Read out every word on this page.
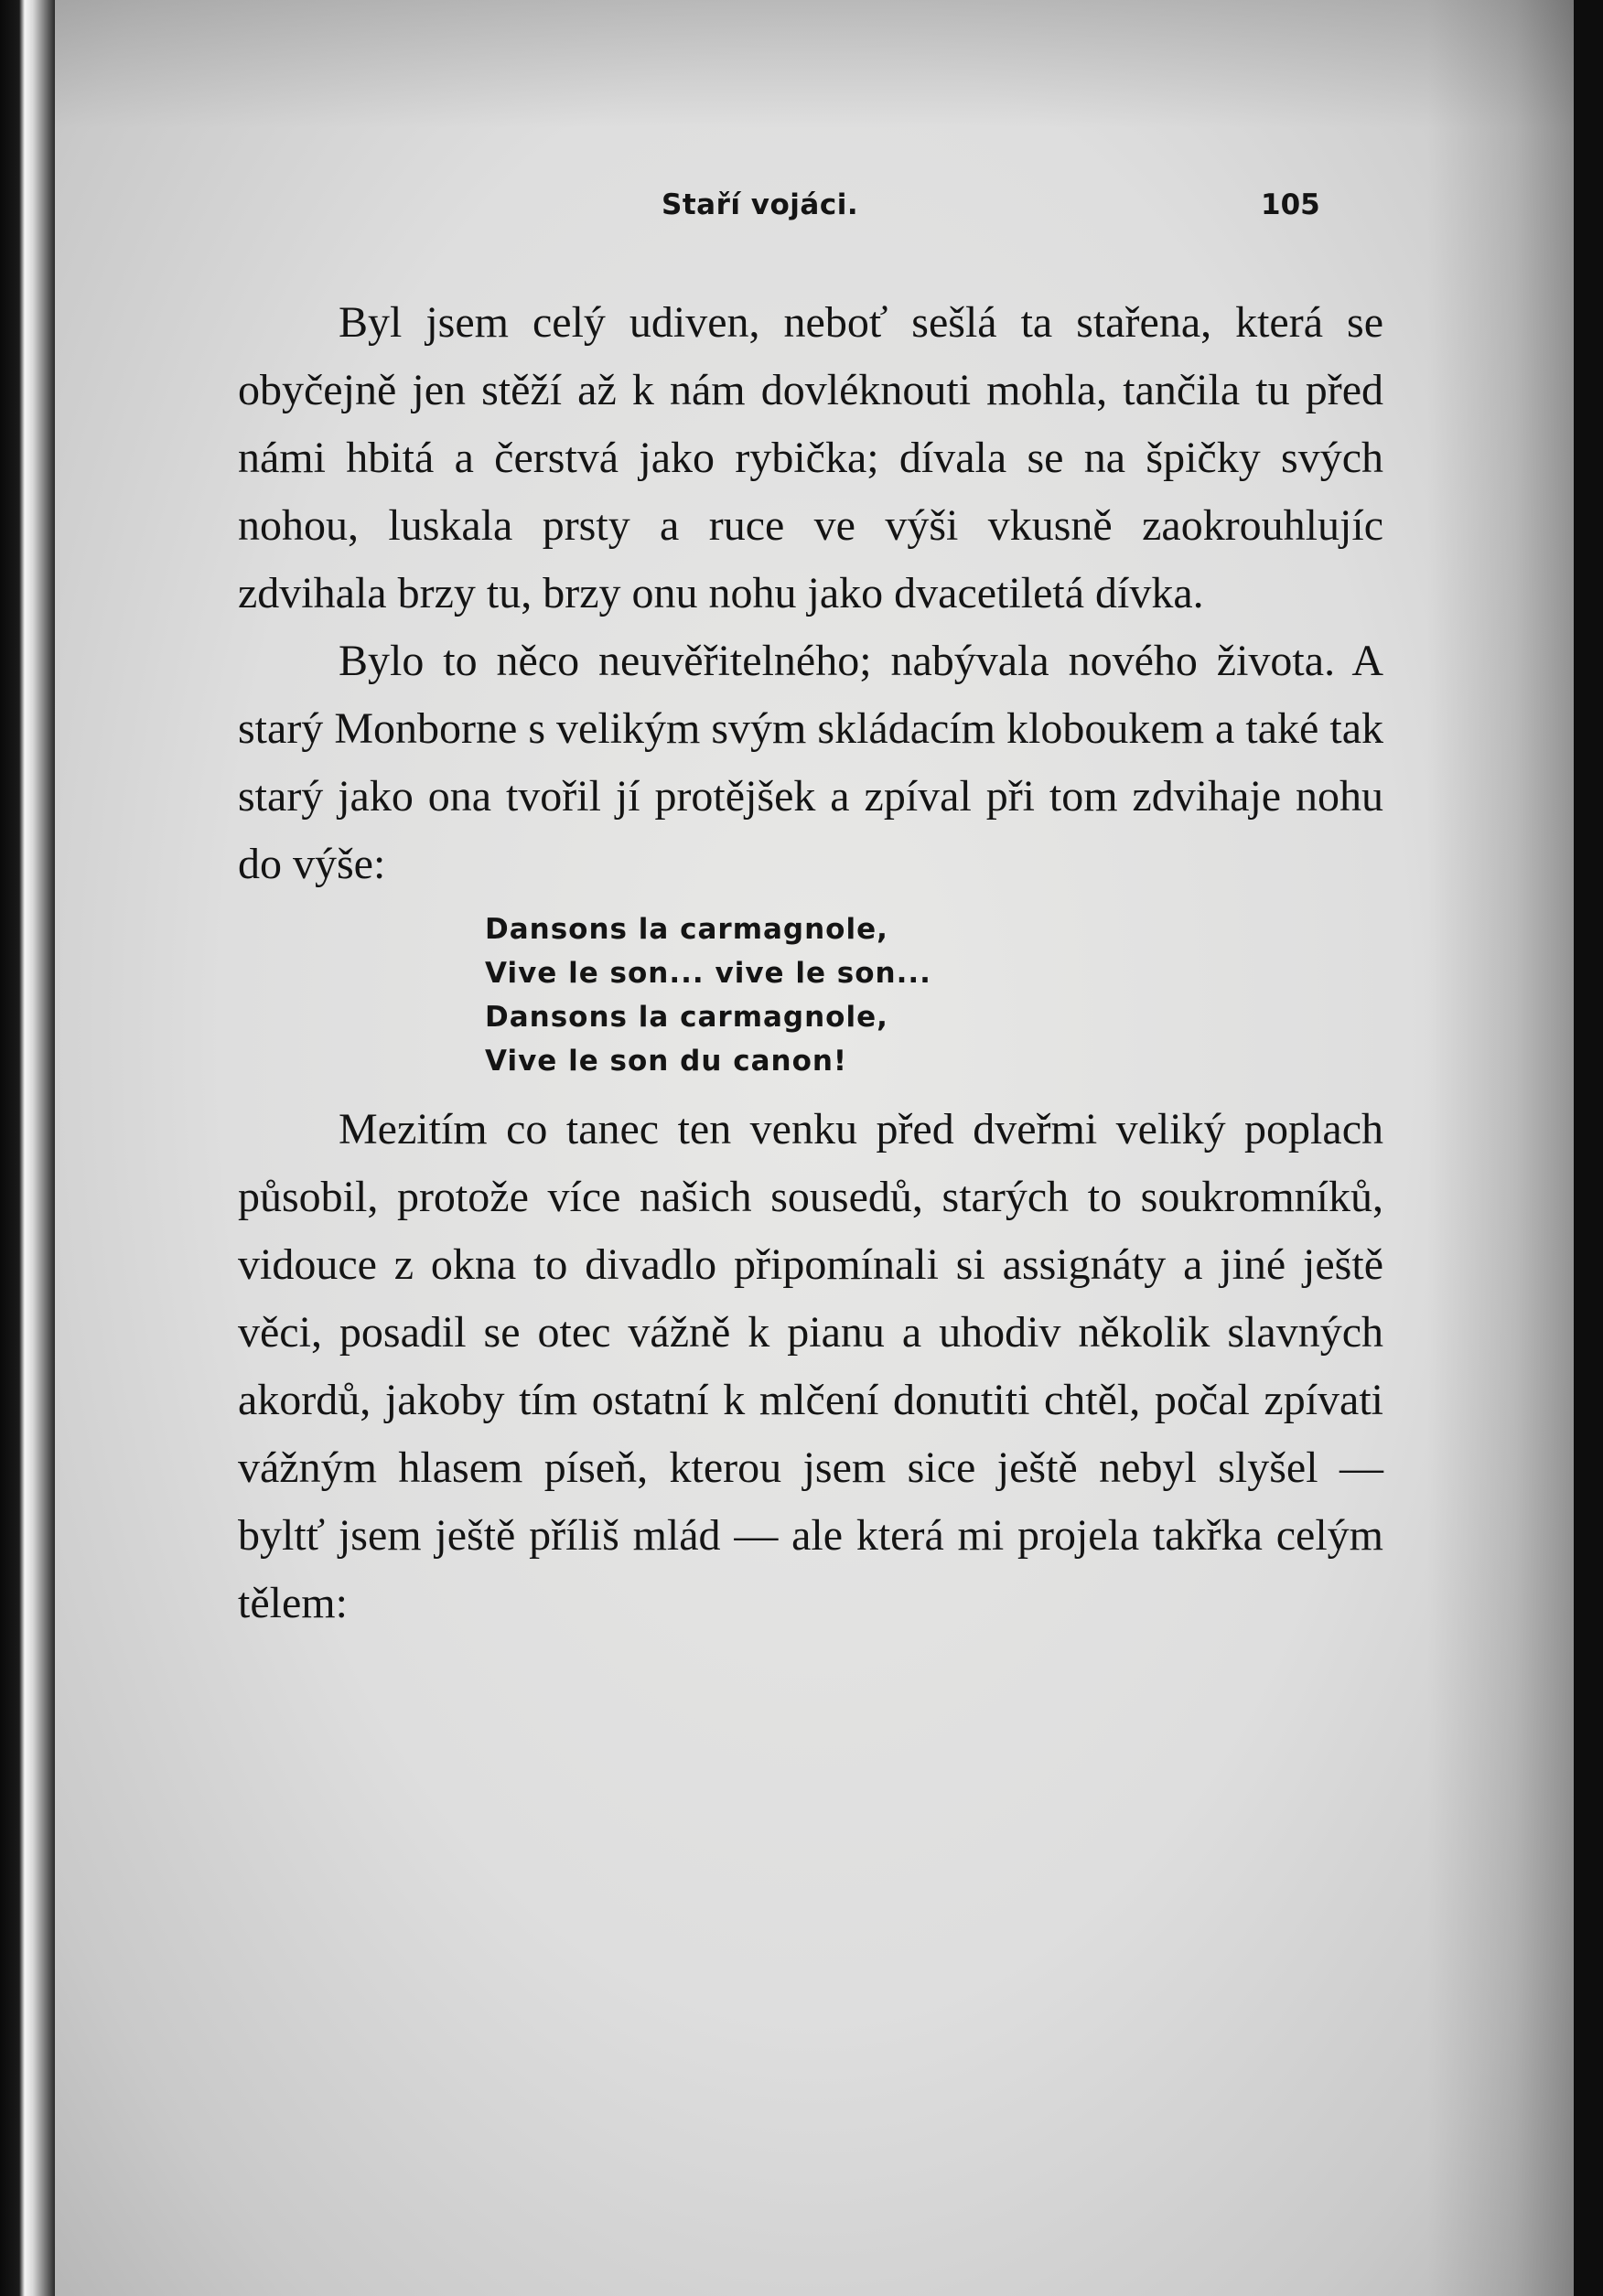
Staří vojáci.	105

Byl jsem celý udiven, neboť sešlá ta stařena, která se obyčejně jen stěží až k nám dovléknouti mohla, tančila tu před námi hbitá a čerstvá jako rybička; dívala se na špičky svých nohou, luskala prsty a ruce ve výši vkusně zaokrouhlujíc zdvihala brzy tu, brzy onu nohu jako dvacetiletá dívka.

Bylo to něco neuvěřitelného; nabývala nového života. A starý Monborne s velikým svým skládacím kloboukem a také tak starý jako ona tvořil jí protějšek a zpíval při tom zdvihaje nohu do výše:

Dansons la carmagnole,
Vive le son... vive le son...
Dansons la carmagnole,
Vive le son du canon!

Mezitím co tanec ten venku před dveřmi veliký poplach působil, protože více našich sousedů, starých to soukromníků, vidouce z okna to divadlo připomínali si assignáty a jiné ještě věci, posadil se otec vážně k pianu a uhodiv několik slavných akordů, jakoby tím ostatní k mlčení donutiti chtěl, počal zpívati vážným hlasem píseň, kterou jsem sice ještě nebyl slyšel — byltť jsem ještě příliš mlád — ale která mi projela takřka celým tělem:
